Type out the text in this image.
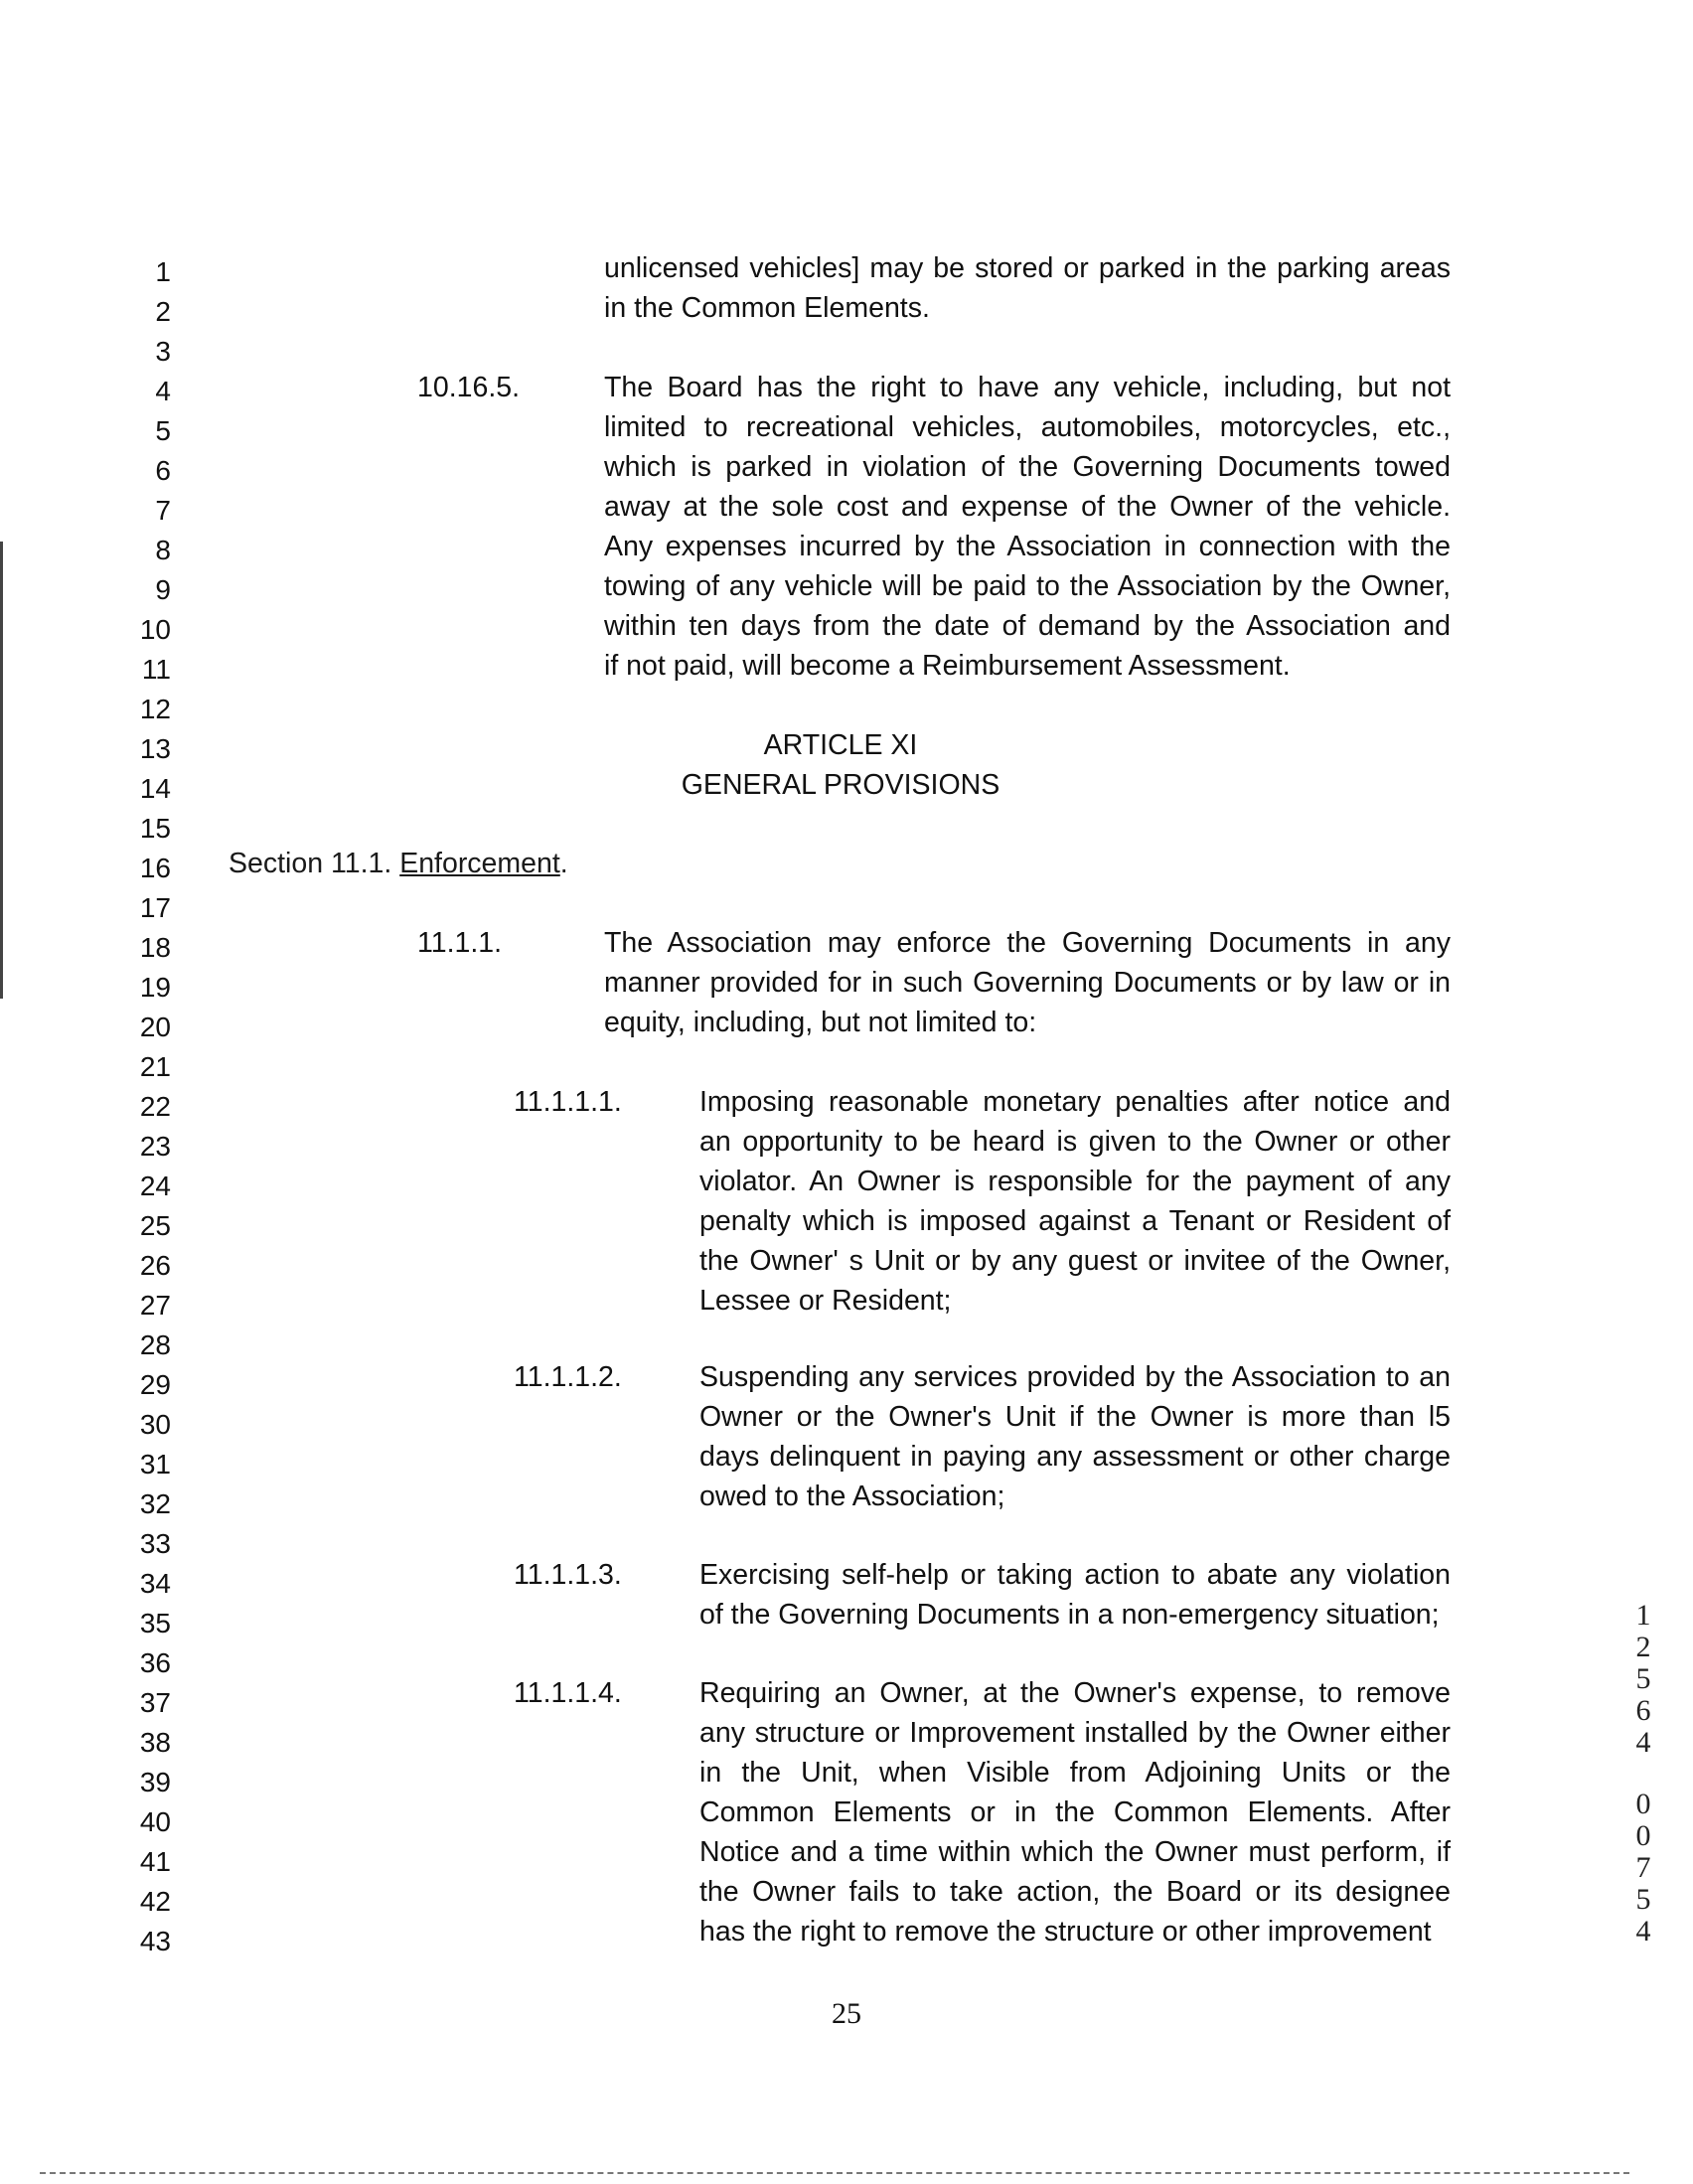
1
2
3
4
5
6
7
8
9
10
11
12
13
14
15
16
17
18
19
20
21
22
23
24
25
26
27
28
29
30
31
32
33
34
35
36
37
38
39
40
41
42
43
unlicensed vehicles] may be stored or parked in the parking areas
in the Common Elements.
10.16.5.	The Board has the right to have any vehicle, including, but not
limited to recreational vehicles, automobiles, motorcycles, etc.,
which is parked in violation of the Governing Documents towed
away at the sole cost and expense of the Owner of the vehicle.
Any expenses incurred by the Association in connection with the
towing of any vehicle will be paid to the Association by the Owner,
within ten days from the date of demand by the Association and
if not paid, will become a Reimbursement Assessment.
ARTICLE XI
GENERAL PROVISIONS
Section 11.1. Enforcement.
11.1.1.	The Association may enforce the Governing Documents in any
manner provided for in such Governing Documents or by law or in
equity, including, but not limited to:
11.1.1.1.	Imposing reasonable monetary penalties after notice and
an opportunity to be heard is given to the Owner or other
violator. An Owner is responsible for the payment of any
penalty which is imposed against a Tenant or Resident of
the Owner' s Unit or by any guest or invitee of the Owner,
Lessee or Resident;
11.1.1.2.	Suspending any services provided by the Association to an
Owner or the Owner's Unit if the Owner is more than l5
days delinquent in paying any assessment or other charge
owed to the Association;
11.1.1.3.	Exercising self-help or taking action to abate any violation
of the Governing Documents in a non-emergency situation;
11.1.1.4.	Requiring an Owner, at the Owner's expense, to remove
any structure or Improvement installed by the Owner either
in the Unit, when Visible from Adjoining Units or the
Common Elements or in the Common Elements. After
Notice and a time within which the Owner must perform, if
the Owner fails to take action, the Board or its designee
has the right to remove the structure or other improvement
25
1
2
5
6
4
0
0
7
5
4
